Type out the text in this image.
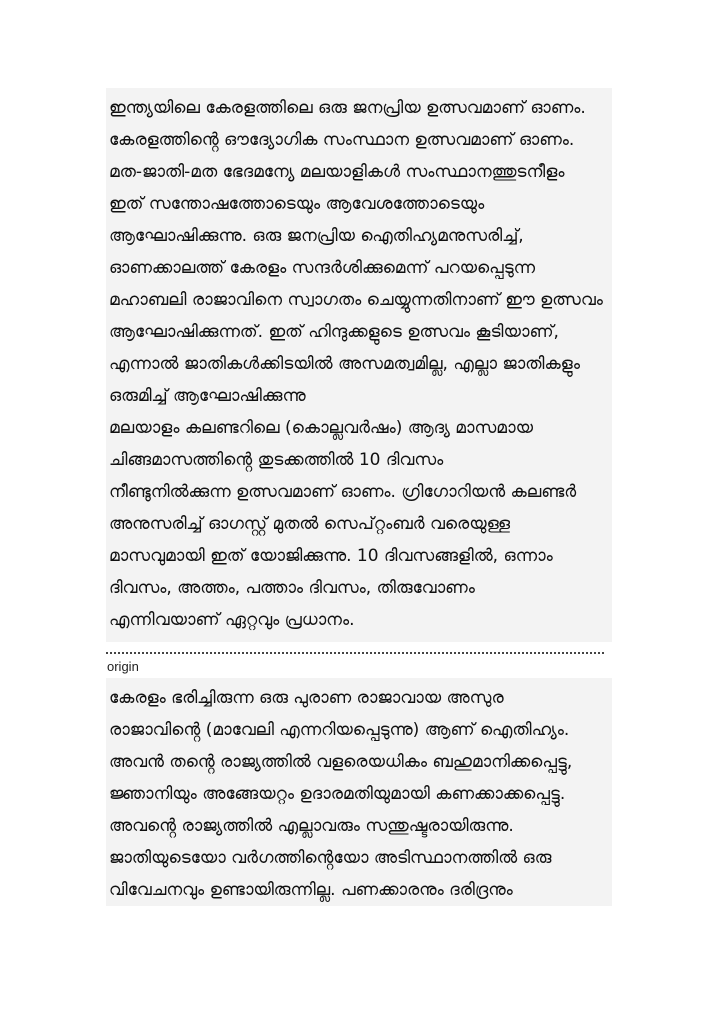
ഇന്ത്യയിലെ കേരളത്തിലെ ഒരു ജനപ്രിയ ഉത്സവമാണ് ഓണം.
കേരളത്തിൻ്റെ ഔദ്യോഗിക സംസ്ഥാന ഉത്സവമാണ് ഓണം.
മത-ജാതി-മത ഭേദമന്യേ മലയാളികൾ സംസ്ഥാനത്തുടനീളം
ഇത് സന്തോഷത്തോടെയും ആവേശത്തോടെയും
ആഘോഷിക്കുന്നു. ഒരു ജനപ്രിയ ഐതിഹ്യമനുസരിച്ച്,
ഓണക്കാലത്ത് കേരളം സന്ദർശിക്കുമെന്ന് പറയപ്പെടുന്ന
മഹാബലി രാജാവിനെ സ്വാഗതം ചെയ്യുന്നതിനാണ് ഈ ഉത്സവം
ആഘോഷിക്കുന്നത്. ഇത് ഹിന്ദുക്കളുടെ ഉത്സവം കൂടിയാണ്,
എന്നാൽ ജാതികൾക്കിടയിൽ അസമത്വമില്ല, എല്ലാ ജാതികളും
ഒരുമിച്ച് ആഘോഷിക്കുന്നു
മലയാളം കലണ്ടറിലെ (കൊല്ലവർഷം) ആദ്യ മാസമായ
ചിങ്ങമാസത്തിൻ്റെ തുടക്കത്തിൽ 10 ദിവസം
നീണ്ടുനിൽക്കുന്ന ഉത്സവമാണ് ഓണം. ഗ്രിഗോറിയൻ കലണ്ടർ
അനുസരിച്ച് ഓഗസ്റ്റ് മുതൽ സെപ്റ്റംബർ വരെയുള്ള
മാസവുമായി ഇത് യോജിക്കുന്നു. 10 ദിവസങ്ങളിൽ, ഒന്നാം
ദിവസം, അത്തം, പത്താം ദിവസം, തിരുവോണം
എന്നിവയാണ് ഏറ്റവും പ്രധാനം.
origin
കേരളം ഭരിച്ചിരുന്ന ഒരു പുരാണ രാജാവായ അസുര
രാജാവിൻ്റെ (മാവേലി എന്നറിയപ്പെടുന്നു) ആണ് ഐതിഹ്യം.
അവൻ തൻ്റെ രാജ്യത്തിൽ വളരെയധികം ബഹുമാനിക്കപ്പെട്ടു,
ജ്ഞാനിയും അങ്ങേയറ്റം ഉദാരമതിയുമായി കണക്കാക്കപ്പെട്ടു.
അവൻ്റെ രാജ്യത്തിൽ എല്ലാവരും സന്തുഷ്ടരായിരുന്നു.
ജാതിയുടെയോ വർഗത്തിൻ്റെയോ അടിസ്ഥാനത്തിൽ ഒരു
വിവേചനവും ഉണ്ടായിരുന്നില്ല. പണക്കാരനും ദരിദ്രനും
